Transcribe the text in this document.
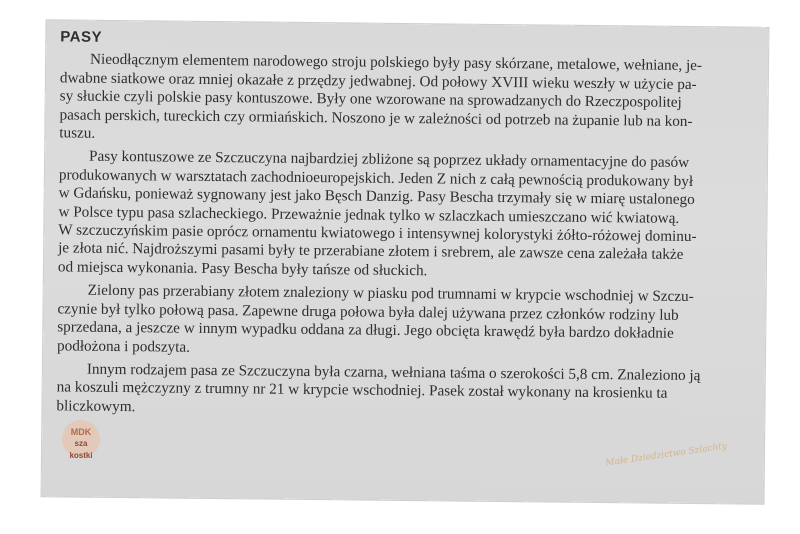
PASY
Nieodłącznym elementem narodowego stroju polskiego były pasy skórzane, metalowe, wełniane, je-
dwabne siatkowe oraz mniej okazałe z przędzy jedwabnej. Od połowy XVIII wieku weszły w użycie pa-
sy słuckie czyli polskie pasy kontuszowe. Były one wzorowane na sprowadzanych do Rzeczpospolitej
pasach perskich, tureckich czy ormiańskich. Noszono je w zależności od potrzeb na żupanie lub na kon-
tuszu.
Pasy kontuszowe ze Szczuczyna najbardziej zbliżone są poprzez układy ornamentacyjne do pasów
produkowanych w warsztatach zachodnioeuropejskich. Jeden Z nich z całą pewnością produkowany był
w Gdańsku, ponieważ sygnowany jest jako Bęsch Danzig. Pasy Bescha trzymały się w miarę ustalonego
w Polsce typu pasa szlacheckiego. Przeważnie jednak tylko w szlaczkach umieszczano wić kwiatową.
W szczuczyńskim pasie oprócz ornamentu kwiatowego i intensywnej kolorystyki żółto-różowej dominu-
je złota nić. Najdroższymi pasami były te przerabiane złotem i srebrem, ale zawsze cena zależała także
od miejsca wykonania. Pasy Bescha były tańsze od słuckich.
Zielony pas przerabiany złotem znaleziony w piasku pod trumnami w krypcie wschodniej w Szczu-
czynie był tylko połową pasa. Zapewne druga połowa była dalej używana przez członków rodziny lub
sprzedana, a jeszcze w innym wypadku oddana za długi. Jego obcięta krawędź była bardzo dokładnie
podłożona i podszyta.
Innym rodzajem pasa ze Szczuczyna była czarna, wełniana taśma o szerokości 5,8 cm. Znaleziono ją
na koszuli mężczyzny z trumny nr 21 w krypcie wschodniej. Pasek został wykonany na krosienku ta
bliczkowym.
MDK
sza kostki	Małe Dziedzictwo Szlachty
